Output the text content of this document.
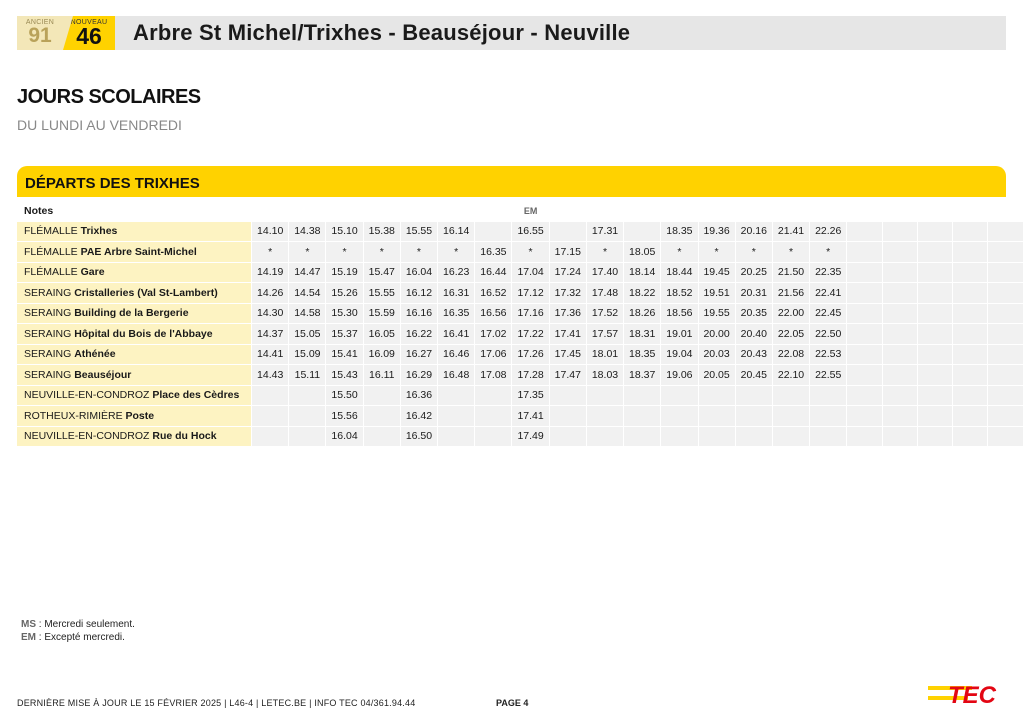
ANCIEN
91
NOUVEAU
46	Arbre St Michel/Trixhes - Beauséjour - Neuville
JOURS SCOLAIRES
DU LUNDI AU VENDREDI
DÉPARTS DES TRIXHES
Notes								EM													
FLÉMALLE Trixhes	14.10	14.38	15.10	15.38	15.55	16.14		16.55		17.31		18.35	19.36	20.16	21.41	22.26					
FLÉMALLE PAE Arbre Saint-Michel	*	*	*	*	*	*	16.35	*	17.15	*	18.05	*	*	*	*	*					
FLÉMALLE Gare	14.19	14.47	15.19	15.47	16.04	16.23	16.44	17.04	17.24	17.40	18.14	18.44	19.45	20.25	21.50	22.35					
SERAING Cristalleries (Val St-Lambert)	14.26	14.54	15.26	15.55	16.12	16.31	16.52	17.12	17.32	17.48	18.22	18.52	19.51	20.31	21.56	22.41					
SERAING Building de la Bergerie	14.30	14.58	15.30	15.59	16.16	16.35	16.56	17.16	17.36	17.52	18.26	18.56	19.55	20.35	22.00	22.45					
SERAING Hôpital du Bois de l'Abbaye	14.37	15.05	15.37	16.05	16.22	16.41	17.02	17.22	17.41	17.57	18.31	19.01	20.00	20.40	22.05	22.50					
SERAING Athénée	14.41	15.09	15.41	16.09	16.27	16.46	17.06	17.26	17.45	18.01	18.35	19.04	20.03	20.43	22.08	22.53					
SERAING Beauséjour	14.43	15.11	15.43	16.11	16.29	16.48	17.08	17.28	17.47	18.03	18.37	19.06	20.05	20.45	22.10	22.55					
NEUVILLE-EN-CONDROZ Place des Cèdres			15.50		16.36			17.35													
ROTHEUX-RIMIÈRE Poste			15.56		16.42			17.41													
NEUVILLE-EN-CONDROZ Rue du Hock			16.04		16.50			17.49													
MS : Mercredi seulement.
EM : Excepté mercredi.
DERNIÈRE MISE À JOUR LE 15 FÉVRIER 2025 | L46-4 | LETEC.BE | INFO TEC 04/361.94.44	PAGE 4	TEC
